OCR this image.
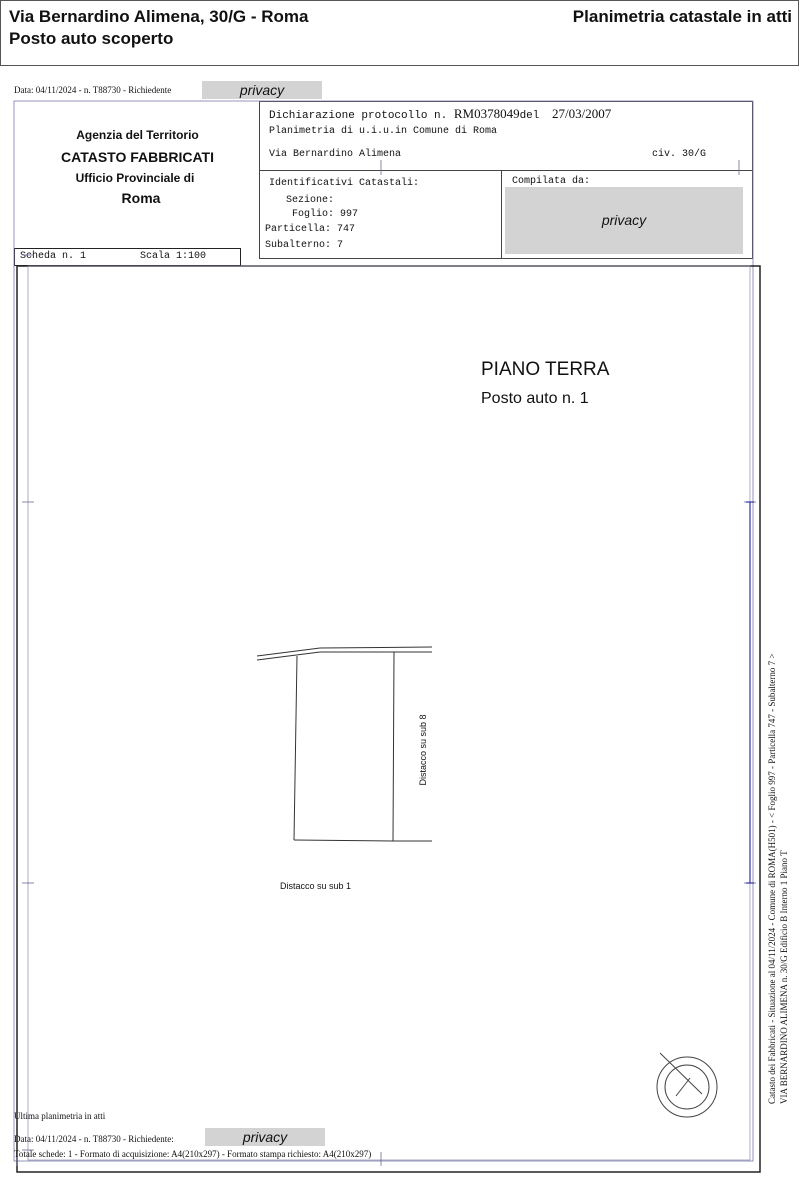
Via Bernardino Alimena, 30/G - Roma
Posto auto scoperto
Planimetria catastale in atti
Data: 04/11/2024 - n. T88730 - Richiedente	privacy
Agenzia del Territorio
CATASTO FABBRICATI
Ufficio Provinciale di
Roma
Dichiarazione protocollo n. RM0378049del 27/03/2007
Planimetria di u.i.u.in Comune di Roma
Via Bernardino Alimena	civ. 30/G
Identificativi Catastali:
Sezione:
Foglio: 997
Particella: 747
Subalterno: 7
Compilata da:
privacy
Scheda n. 1	Scala 1:100
PIANO TERRA
Posto auto n. 1
Distacco su sub 8
Distacco su sub 1	Catasto dei Fabbricati - Situazione al 04/11/2024 - Comune di ROMA(H501) - < Foglio 997 - Particella 747 - Subalterno 7 > VIA BERNARDINO ALIMENA n. 30/G Edificio B Interno 1 Piano T
Ultima planimetria in atti
Data: 04/11/2024 - n. T88730 - Richiedente:	privacy
Totale schede: 1 - Formato di acquisizione: A4(210x297) - Formato stampa richiesto: A4(210x297)
